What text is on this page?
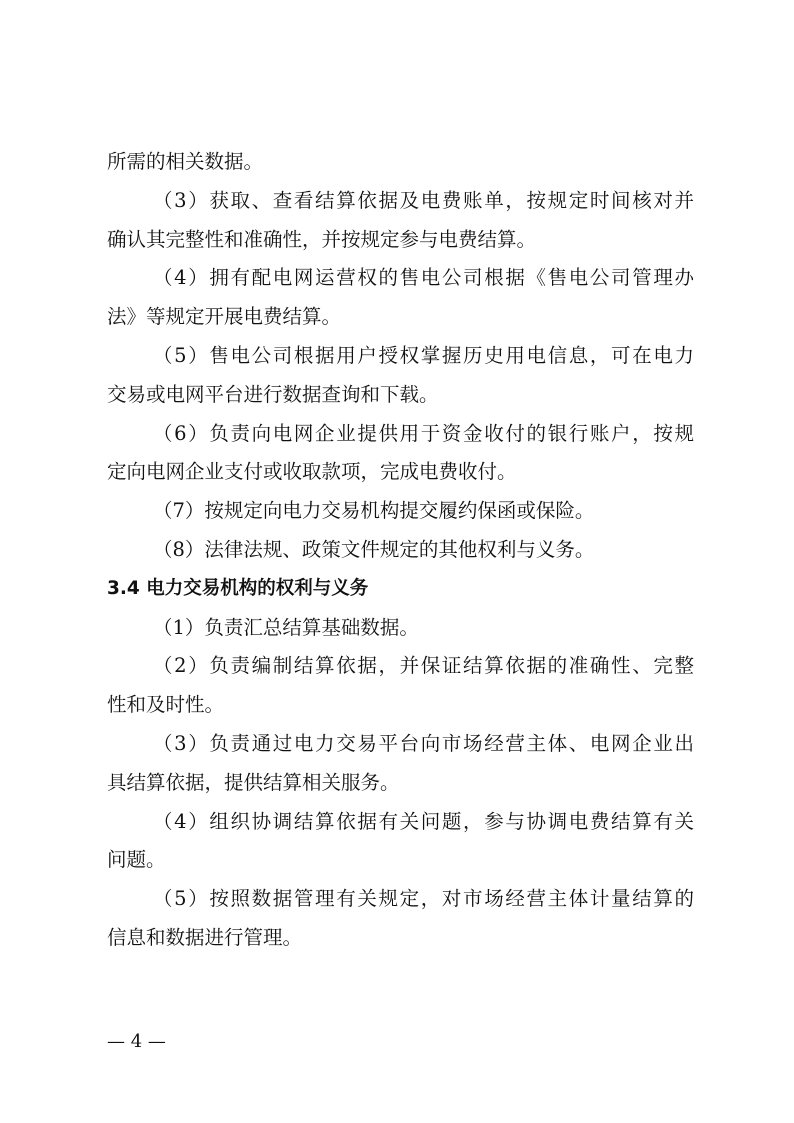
所需的相关数据。

（3）获取、查看结算依据及电费账单，按规定时间核对并

确认其完整性和准确性，并按规定参与电费结算。

（4）拥有配电网运营权的售电公司根据《售电公司管理办

法》等规定开展电费结算。

（5）售电公司根据用户授权掌握历史用电信息，可在电力

交易或电网平台进行数据查询和下载。

（6）负责向电网企业提供用于资金收付的银行账户，按规

定向电网企业支付或收取款项，完成电费收付。

（7）按规定向电力交易机构提交履约保函或保险。

（8）法律法规、政策文件规定的其他权利与义务。

3.4 电力交易机构的权利与义务

（1）负责汇总结算基础数据。

（2）负责编制结算依据，并保证结算依据的准确性、完整

性和及时性。

（3）负责通过电力交易平台向市场经营主体、电网企业出

具结算依据，提供结算相关服务。

（4）组织协调结算依据有关问题，参与协调电费结算有关

问题。

（5）按照数据管理有关规定，对市场经营主体计量结算的

信息和数据进行管理。

— 4 —
